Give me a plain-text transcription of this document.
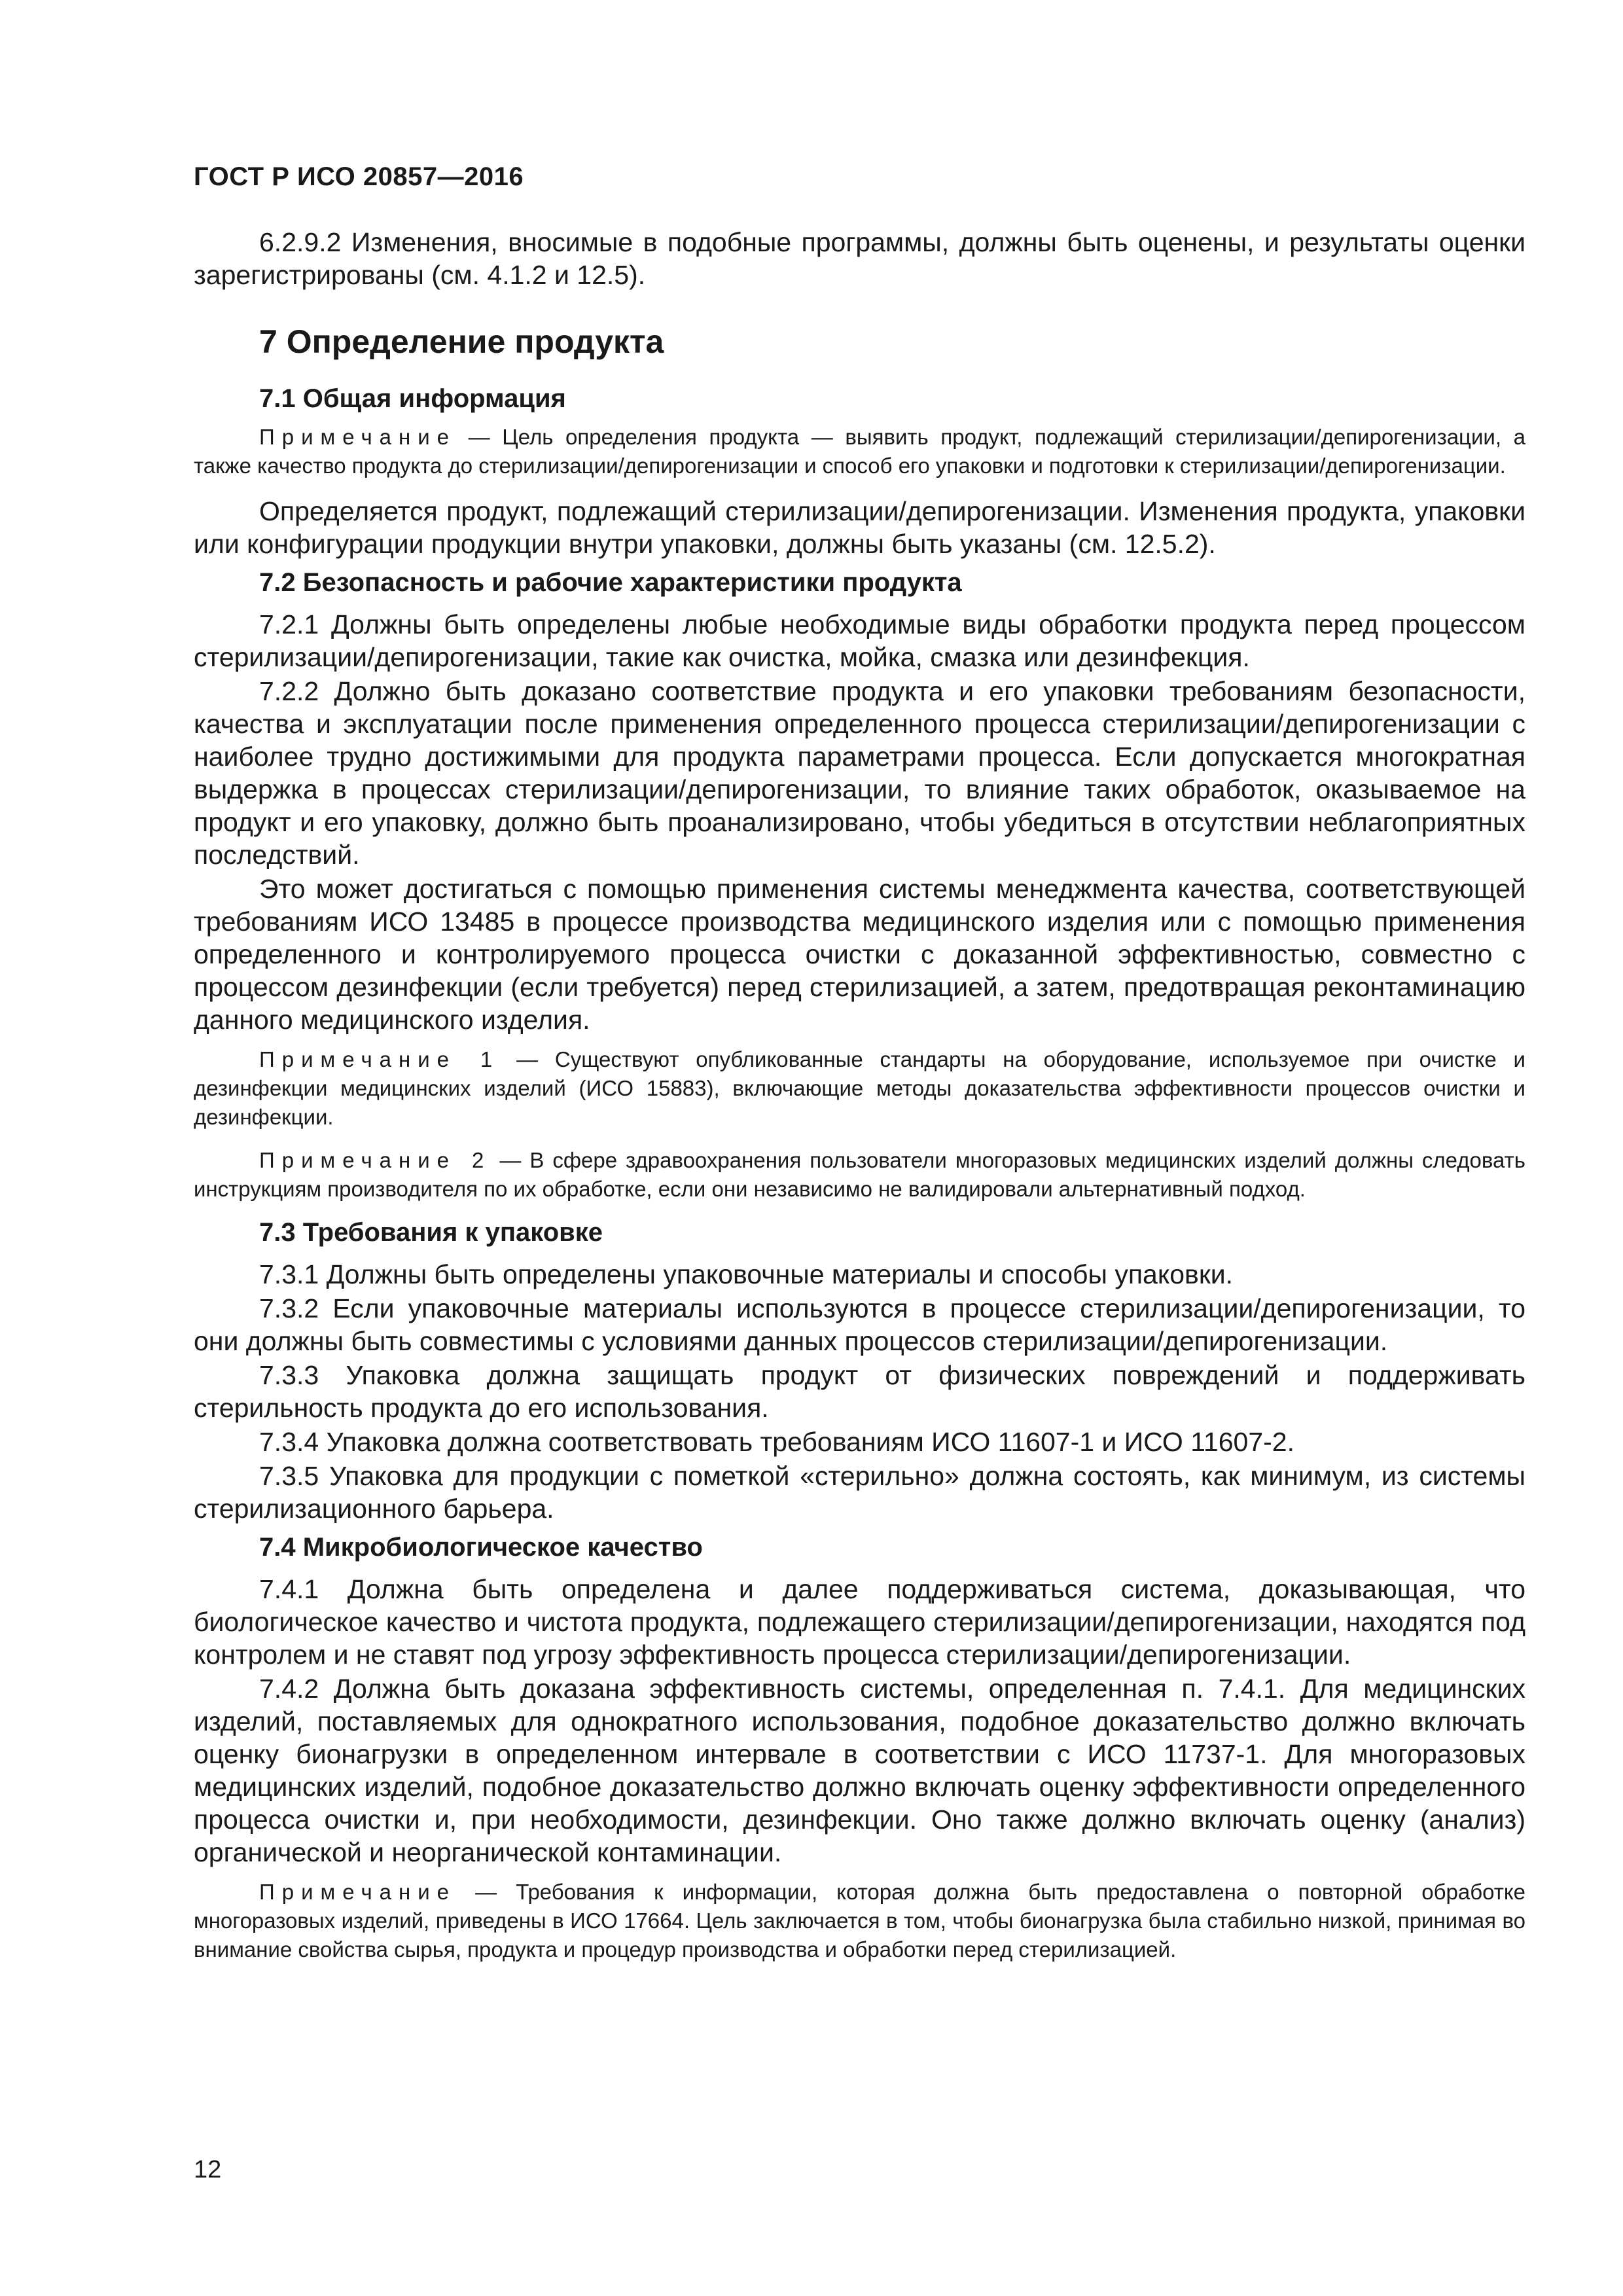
ГОСТ Р ИСО 20857—2016

6.2.9.2 Изменения, вносимые в подобные программы, должны быть оценены, и результаты оценки зарегистрированы (см. 4.1.2 и 12.5).

7 Определение продукта
7.1 Общая информация

Примечание — Цель определения продукта — выявить продукт, подлежащий стерилизации/депирогенизации, а также качество продукта до стерилизации/депирогенизации и способ его упаковки и подготовки к стерилизации/депирогенизации.

Определяется продукт, подлежащий стерилизации/депирогенизации. Изменения продукта, упаковки или конфигурации продукции внутри упаковки, должны быть указаны (см. 12.5.2).

7.2 Безопасность и рабочие характеристики продукта

7.2.1 Должны быть определены любые необходимые виды обработки продукта перед процессом стерилизации/депирогенизации, такие как очистка, мойка, смазка или дезинфекция.

7.2.2 Должно быть доказано соответствие продукта и его упаковки требованиям безопасности, качества и эксплуатации после применения определенного процесса стерилизации/депирогенизации с наиболее трудно достижимыми для продукта параметрами процесса. Если допускается многократная выдержка в процессах стерилизации/депирогенизации, то влияние таких обработок, оказываемое на продукт и его упаковку, должно быть проанализировано, чтобы убедиться в отсутствии неблагоприятных последствий.

Это может достигаться с помощью применения системы менеджмента качества, соответствующей требованиям ИСО 13485 в процессе производства медицинского изделия или с помощью применения определенного и контролируемого процесса очистки с доказанной эффективностью, совместно с процессом дезинфекции (если требуется) перед стерилизацией, а затем, предотвращая реконтаминацию данного медицинского изделия.

Примечание 1 — Существуют опубликованные стандарты на оборудование, используемое при очистке и дезинфекции медицинских изделий (ИСО 15883), включающие методы доказательства эффективности процессов очистки и дезинфекции.

Примечание 2 — В сфере здравоохранения пользователи многоразовых медицинских изделий должны следовать инструкциям производителя по их обработке, если они независимо не валидировали альтернативный подход.

7.3 Требования к упаковке

7.3.1 Должны быть определены упаковочные материалы и способы упаковки.

7.3.2 Если упаковочные материалы используются в процессе стерилизации/депирогенизации, то они должны быть совместимы с условиями данных процессов стерилизации/депирогенизации.

7.3.3 Упаковка должна защищать продукт от физических повреждений и поддерживать стерильность продукта до его использования.

7.3.4 Упаковка должна соответствовать требованиям ИСО 11607-1 и ИСО 11607-2.

7.3.5 Упаковка для продукции с пометкой «стерильно» должна состоять, как минимум, из системы стерилизационного барьера.

7.4 Микробиологическое качество

7.4.1 Должна быть определена и далее поддерживаться система, доказывающая, что биологическое качество и чистота продукта, подлежащего стерилизации/депирогенизации, находятся под контролем и не ставят под угрозу эффективность процесса стерилизации/депирогенизации.

7.4.2 Должна быть доказана эффективность системы, определенная п. 7.4.1. Для медицинских изделий, поставляемых для однократного использования, подобное доказательство должно включать оценку бионагрузки в определенном интервале в соответствии с ИСО 11737-1. Для многоразовых медицинских изделий, подобное доказательство должно включать оценку эффективности определенного процесса очистки и, при необходимости, дезинфекции. Оно также должно включать оценку (анализ) органической и неорганической контаминации.

Примечание — Требования к информации, которая должна быть предоставлена о повторной обработке многоразовых изделий, приведены в ИСО 17664. Цель заключается в том, чтобы бионагрузка была стабильно низкой, принимая во внимание свойства сырья, продукта и процедур производства и обработки перед стерилизацией.

12
